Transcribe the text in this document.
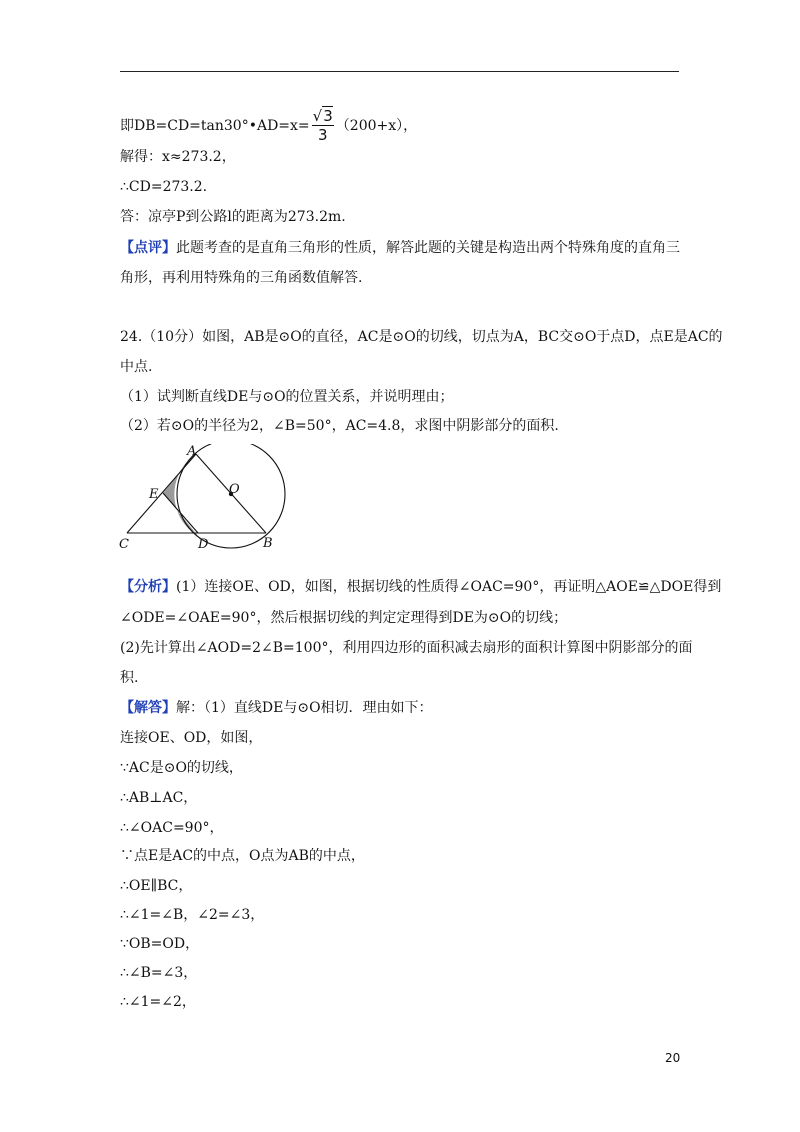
即DB=CD=tan30°•AD=x= $\frac{√3}{3} (200+x)$，
解得：x≈273.2，
∴CD=273.2.
答：凉亭P到公路l的距离为273.2m.
【点评】此题考查的是直角三角形的性质，解答此题的关键是构造出两个特殊角度的直角三
角形，再利用特殊角的三角函数值解答.
24.（10分）如图，AB是⊙O的直径，AC是⊙O的切线，切点为A，BC交⊙O于点D，点E是AC的
中点.
（1）试判断直线DE与⊙O的位置关系，并说明理由；
（2）若⊙O的半径为2，∠B=50°，AC=4.8，求图中阴影部分的面积.
A
E	O
C	D	B
【分析】(1）连接OE、OD，如图，根据切线的性质得∠OAC=90°，再证明△AOE≌△DOE得到
∠ODE=∠OAE=90°，然后根据切线的判定定理得到DE为⊙O的切线；
(2)先计算出∠AOD=2∠B=100°，利用四边形的面积减去扇形的面积计算图中阴影部分的面
积.
【解答】解：（1）直线DE与⊙O相切．理由如下：
连接OE、OD，如图，
∵AC是⊙O的切线，
∴AB⊥AC，
∴∠OAC=90°，
∵点E是AC的中点，O点为AB的中点，
∴OE∥BC，
∴∠1=∠B，∠2=∠3，
∵OB=OD，
∴∠B=∠3，
∴∠1=∠2，
20
